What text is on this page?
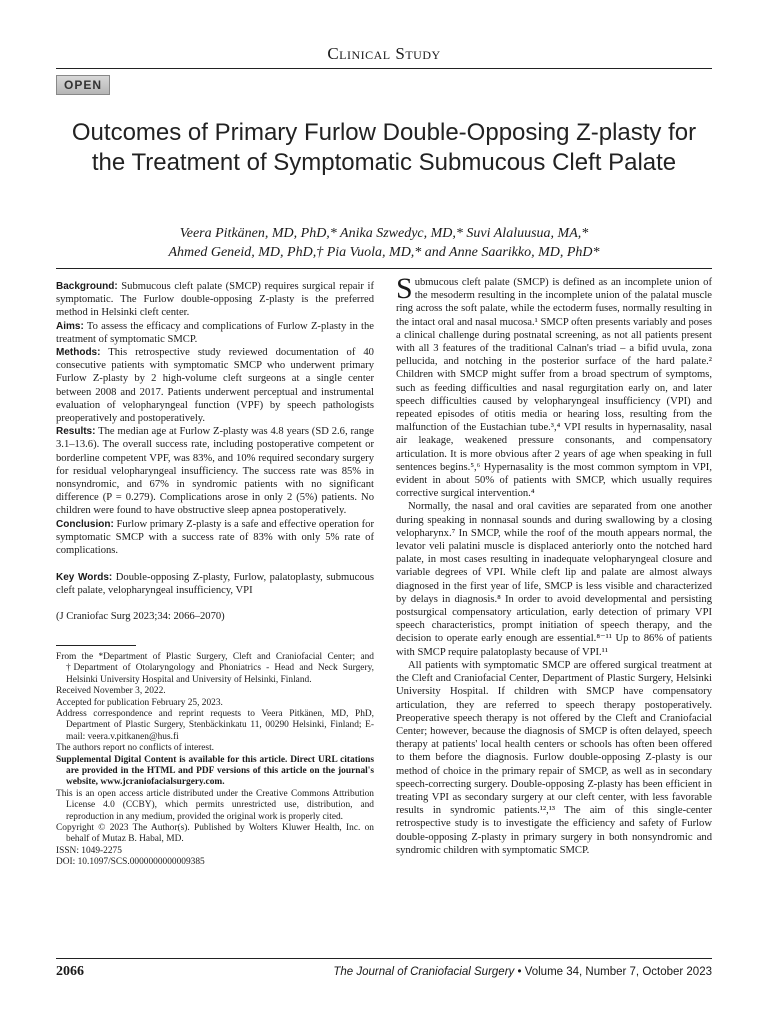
Clinical Study
OPEN
Outcomes of Primary Furlow Double-Opposing Z-plasty for the Treatment of Symptomatic Submucous Cleft Palate
Veera Pitkänen, MD, PhD,* Anika Szwedyc, MD,* Suvi Alaluusua, MA,*
Ahmed Geneid, MD, PhD,† Pia Vuola, MD,* and Anne Saarikko, MD, PhD*

Background: Submucous cleft palate (SMCP) requires surgical repair if symptomatic. The Furlow double-opposing Z-plasty is the preferred method in Helsinki cleft center.

Aims: To assess the efficacy and complications of Furlow Z-plasty in the treatment of symptomatic SMCP.

Methods: This retrospective study reviewed documentation of 40 consecutive patients with symptomatic SMCP who underwent primary Furlow Z-plasty by 2 high-volume cleft surgeons at a single center between 2008 and 2017. Patients underwent perceptual and instrumental evaluation of velopharyngeal function (VPF) by speech pathologists preoperatively and postoperatively.

Results: The median age at Furlow Z-plasty was 4.8 years (SD 2.6, range 3.1–13.6). The overall success rate, including postoperative competent or borderline competent VPF, was 83%, and 10% required secondary surgery for residual velopharyngeal insufficiency. The success rate was 85% in nonsyndromic, and 67% in syndromic patients with no significant difference (P = 0.279). Complications arose in only 2 (5%) patients. No children were found to have obstructive sleep apnea postoperatively.

Conclusion: Furlow primary Z-plasty is a safe and effective operation for symptomatic SMCP with a success rate of 83% with only 5% rate of complications.

Key Words: Double-opposing Z-plasty, Furlow, palatoplasty, submucous cleft palate, velopharyngeal insufficiency, VPI

(J Craniofac Surg 2023;34: 2066–2070)

From the *Department of Plastic Surgery, Cleft and Craniofacial Center; and †Department of Otolaryngology and Phoniatrics - Head and Neck Surgery, Helsinki University Hospital and University of Helsinki, Finland.

Received November 3, 2022.

Accepted for publication February 25, 2023.

Address correspondence and reprint requests to Veera Pitkänen, MD, PhD, Department of Plastic Surgery, Stenbäckinkatu 11, 00290 Helsinki, Finland; E-mail: veera.v.pitkanen@hus.fi

The authors report no conflicts of interest.

Supplemental Digital Content is available for this article. Direct URL citations are provided in the HTML and PDF versions of this article on the journal's website, www.jcraniofacialsurgery.com.

This is an open access article distributed under the Creative Commons Attribution License 4.0 (CCBY), which permits unrestricted use, distribution, and reproduction in any medium, provided the original work is properly cited.

Copyright © 2023 The Author(s). Published by Wolters Kluwer Health, Inc. on behalf of Mutaz B. Habal, MD.

ISSN: 1049-2275

DOI: 10.1097/SCS.0000000000009385

Submucous cleft palate (SMCP) is defined as an incomplete union of the mesoderm resulting in the incomplete union of the palatal muscle ring across the soft palate, while the ectoderm fuses, normally resulting in the intact oral and nasal mucosa.¹ SMCP often presents variably and poses a clinical challenge during postnatal screening, as not all patients present with all 3 features of the traditional Calnan's triad – a bifid uvula, zona pellucida, and notching in the posterior surface of the hard palate.² Children with SMCP might suffer from a broad spectrum of symptoms, such as feeding difficulties and nasal regurgitation early on, and later speech difficulties caused by velopharyngeal insufficiency (VPI) and repeated episodes of otitis media or hearing loss, resulting from the malfunction of the Eustachian tube.³,⁴ VPI results in hypernasality, nasal air leakage, weakened pressure consonants, and compensatory articulation. It is more obvious after 2 years of age when speaking in full sentences begins.⁵,⁶ Hypernasality is the most common symptom in VPI, evident in about 50% of patients with SMCP, which usually requires corrective surgical intervention.⁴

Normally, the nasal and oral cavities are separated from one another during speaking in nonnasal sounds and during swallowing by a closing velopharynx.⁷ In SMCP, while the roof of the mouth appears normal, the levator veli palatini muscle is displaced anteriorly onto the notched hard palate, in most cases resulting in inadequate velopharyngeal closure and variable degrees of VPI. While cleft lip and palate are almost always diagnosed in the first year of life, SMCP is less visible and characterized by delays in diagnosis.⁸ In order to avoid developmental and persisting postsurgical compensatory articulation, early detection of primary VPI speech characteristics, prompt initiation of speech therapy, and the decision to operate early enough are essential.⁸⁻¹¹ Up to 86% of patients with SMCP require palatoplasty because of VPI.¹¹

All patients with symptomatic SMCP are offered surgical treatment at the Cleft and Craniofacial Center, Department of Plastic Surgery, Helsinki University Hospital. If children with SMCP have compensatory articulation, they are referred to speech therapy postoperatively. Preoperative speech therapy is not offered by the Cleft and Craniofacial Center; however, because the diagnosis of SMCP is often delayed, speech therapy at patients' local health centers or schools has often been offered to them before the diagnosis. Furlow double-opposing Z-plasty is our method of choice in the primary repair of SMCP, as well as in secondary speech-correcting surgery. Double-opposing Z-plasty has been efficient in treating VPI as secondary surgery at our cleft center, with less favorable results in syndromic patients.¹²,¹³ The aim of this single-center retrospective study is to investigate the efficiency and safety of Furlow double-opposing Z-plasty in primary surgery in both nonsyndromic and syndromic children with symptomatic SMCP.

2066	The Journal of Craniofacial Surgery • Volume 34, Number 7, October 2023
